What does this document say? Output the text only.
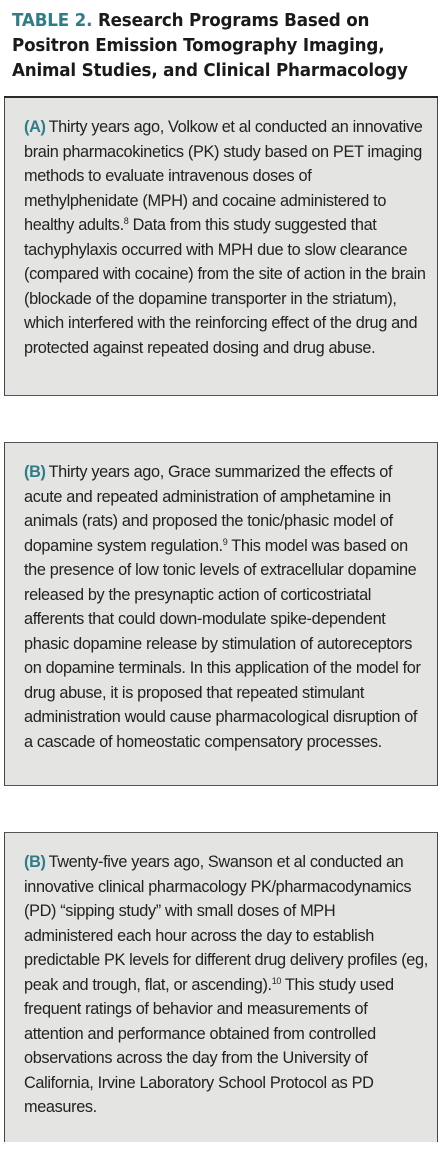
TABLE 2. Research Programs Based on Positron Emission Tomography Imaging, Animal Studies, and Clinical Pharmacology
(A) Thirty years ago, Volkow et al conducted an innovative brain pharmacokinetics (PK) study based on PET imaging methods to evaluate intravenous doses of methylphenidate (MPH) and cocaine administered to healthy adults.$^8$ Data from this study suggested that tachyphylaxis occurred with MPH due to slow clearance (compared with cocaine) from the site of action in the brain (blockade of the dopamine transporter in the striatum), which interfered with the reinforcing effect of the drug and protected against repeated dosing and drug abuse.
(B) Thirty years ago, Grace summarized the effects of acute and repeated administration of amphetamine in animals (rats) and proposed the tonic/phasic model of dopamine system regulation.$^9$ This model was based on the presence of low tonic levels of extracellular dopamine released by the presynaptic action of corticostriatal afferents that could down-modulate spike-dependent phasic dopamine release by stimulation of autoreceptors on dopamine terminals. In this application of the model for drug abuse, it is proposed that repeated stimulant administration would cause pharmacological disruption of a cascade of homeostatic compensatory processes.
(B) Twenty-five years ago, Swanson et al conducted an innovative clinical pharmacology PK/pharmacodynamics (PD) “sipping study” with small doses of MPH administered each hour across the day to establish predictable PK levels for different drug delivery profiles (eg, peak and trough, flat, or ascending).$^{10}$ This study used frequent ratings of behavior and measurements of attention and performance obtained from controlled observations across the day from the University of California, Irvine Laboratory School Protocol as PD measures.
